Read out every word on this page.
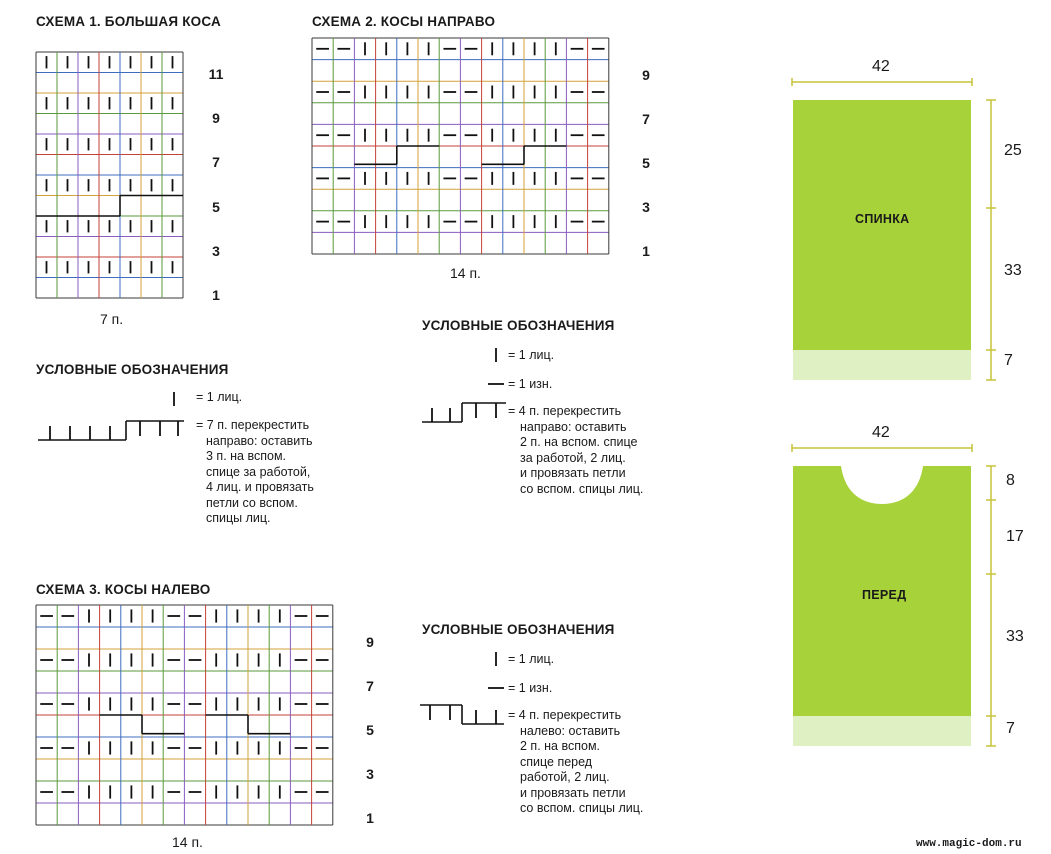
СХЕМА 1. БОЛЬШАЯ КОСА
11
9
7
5
3
1
7 п.
УСЛОВНЫЕ ОБОЗНАЧЕНИЯ
= 1 лиц.
= 7 п. перекрестить
направо: оставить
3 п. на вспом.
спице за работой,
4 лиц. и провязать
петли со вспом.
спицы лиц.
СХЕМА 2. КОСЫ НАПРАВО
9
7
5
3
1
14 п.
УСЛОВНЫЕ ОБОЗНАЧЕНИЯ
= 1 лиц.
= 1 изн.
= 4 п. перекрестить
направо: оставить
2 п. на вспом. спице
за работой, 2 лиц.
и провязать петли
со вспом. спицы лиц.
СХЕМА 3. КОСЫ НАЛЕВО
9
7
5
3
1
14 п.
УСЛОВНЫЕ ОБОЗНАЧЕНИЯ
= 1 лиц.
= 1 изн.
= 4 п. перекрестить
налево: оставить
2 п. на вспом.
спице перед
работой, 2 лиц.
и провязать петли
со вспом. спицы лиц.
42
СПИНКА
25
33
7
42
ПЕРЕД
8
17
33
7
www.magic-dom.ru
